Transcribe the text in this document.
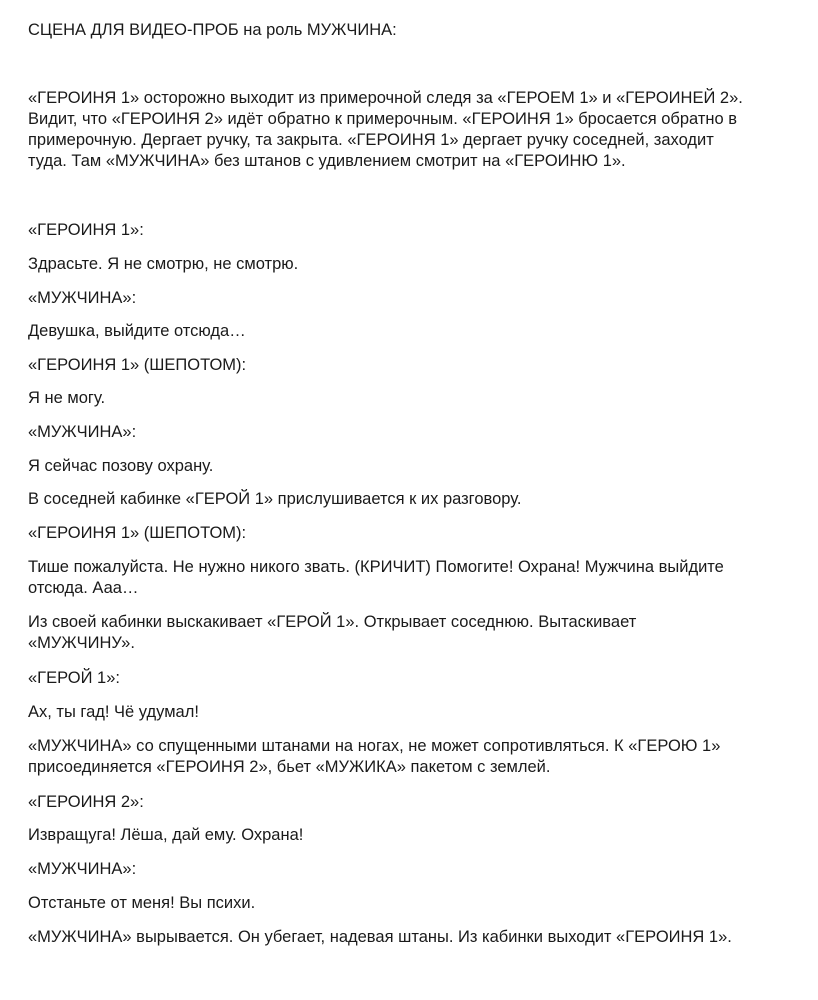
СЦЕНА ДЛЯ ВИДЕО-ПРОБ на роль МУЖЧИНА:

«ГЕРОИНЯ 1» осторожно выходит из примерочной следя за «ГЕРОЕМ 1» и «ГЕРОИНЕЙ 2».

Видит, что «ГЕРОИНЯ 2» идёт обратно к примерочным. «ГЕРОИНЯ 1» бросается обратно в

примерочную. Дергает ручку, та закрыта. «ГЕРОИНЯ 1» дергает ручку соседней, заходит

туда. Там «МУЖЧИНА» без штанов с удивлением смотрит на «ГЕРОИНЮ 1».

«ГЕРОИНЯ 1»:

Здрасьте. Я не смотрю, не смотрю.

«МУЖЧИНА»:

Девушка, выйдите отсюда…

«ГЕРОИНЯ 1» (ШЕПОТОМ):

Я не могу.

«МУЖЧИНА»:

Я сейчас позову охрану.

В соседней кабинке «ГЕРОЙ 1» прислушивается к их разговору.

«ГЕРОИНЯ 1» (ШЕПОТОМ):

Тише пожалуйста. Не нужно никого звать. (КРИЧИТ) Помогите! Охрана! Мужчина выйдите

отсюда. Ааа…

Из своей кабинки выскакивает «ГЕРОЙ 1». Открывает соседнюю. Вытаскивает

«МУЖЧИНУ».

«ГЕРОЙ 1»:

Ах, ты гад! Чё удумал!

«МУЖЧИНА» со спущенными штанами на ногах, не может сопротивляться. К «ГЕРОЮ 1»

присоединяется «ГЕРОИНЯ 2», бьет «МУЖИКА» пакетом с землей.

«ГЕРОИНЯ 2»:

Извращуга! Лёша, дай ему. Охрана!

«МУЖЧИНА»:

Отстаньте от меня! Вы психи.

«МУЖЧИНА» вырывается. Он убегает, надевая штаны. Из кабинки выходит «ГЕРОИНЯ 1».
